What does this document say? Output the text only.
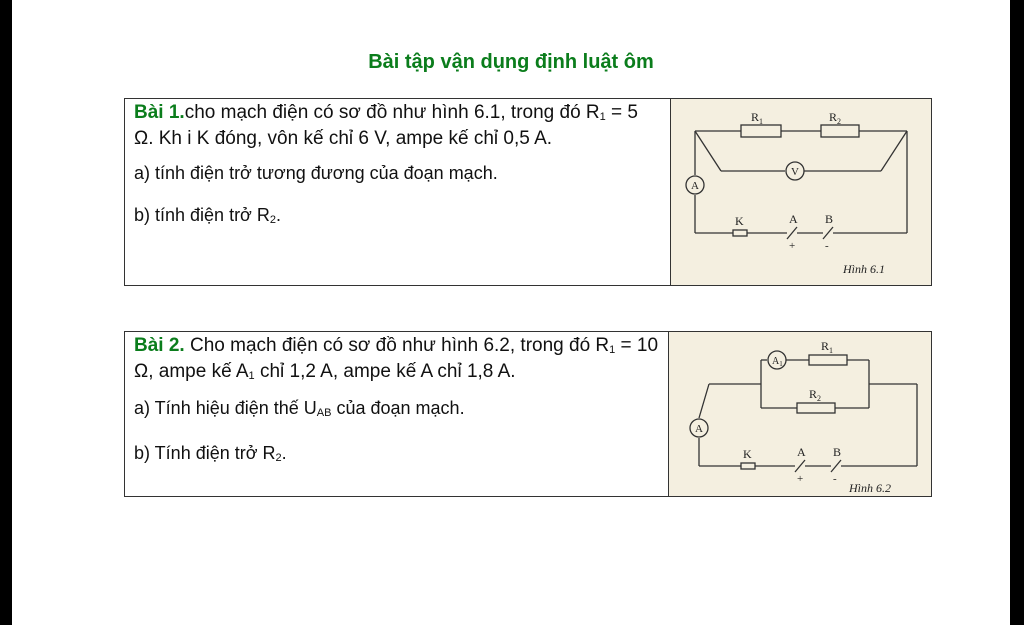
Bài tập vận dụng định luật ôm
Bài 1.cho mạch điện có sơ đồ như hình 6.1, trong đó R1 = 5 Ω. Kh i K đóng, vôn kế chỉ 6 V, ampe kế chỉ 0,5 A.
a) tính điện trở tương đương của đoạn mạch.
b) tính điện trở R2.
$R_1$	$R_2$
V
A
K	A B
+	-
Hình 6.1
Bài 2. Cho mạch điện có sơ đồ như hình 6.2, trong đó R1 = 10 Ω, ampe kế A1 chỉ 1,2 A, ampe kế A chỉ 1,8 A.
a) Tính hiệu điện thế UAB của đoạn mạch.
b) Tính điện trở R2.
$A_1$
$R_1$
$R_2$
A
K	A B
+	-
Hình 6.2
